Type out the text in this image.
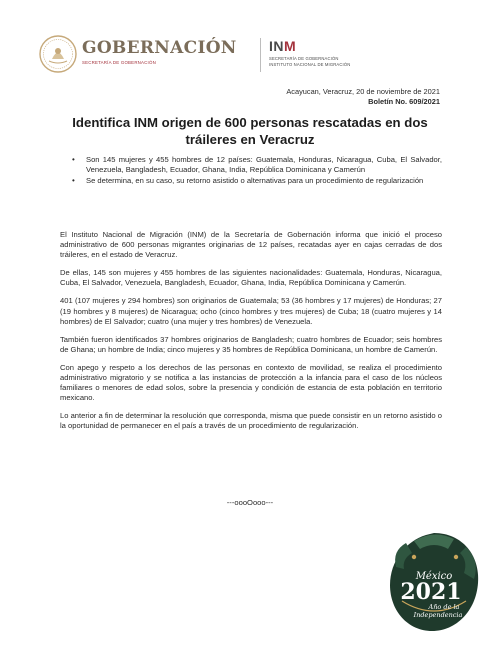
GOBERNACIÓN
SECRETARÍA DE GOBERNACIÓN
INM
SECRETARÍA DE GOBERNACIÓN
INSTITUTO NACIONAL DE MIGRACIÓN
Acayucan, Veracruz, 20 de noviembre de 2021
Boletín No. 609/2021
Identifica INM origen de 600 personas rescatadas en dos tráileres en Veracruz
• Son 145 mujeres y 455 hombres de 12 países: Guatemala, Honduras, Nicaragua, Cuba, El Salvador, Venezuela, Bangladesh, Ecuador, Ghana, India, República Dominicana y Camerún
• Se determina, en su caso, su retorno asistido o alternativas para un procedimiento de regularización

El Instituto Nacional de Migración (INM) de la Secretaría de Gobernación informa que inició el proceso administrativo de 600 personas migrantes originarias de 12 países, recatadas ayer en cajas cerradas de dos tráileres, en el estado de Veracruz.

De ellas, 145 son mujeres y 455 hombres de las siguientes nacionalidades: Guatemala, Honduras, Nicaragua, Cuba, El Salvador, Venezuela, Bangladesh, Ecuador, Ghana, India, República Dominicana y Camerún.

401 (107 mujeres y 294 hombres) son originarios de Guatemala; 53 (36 hombres y 17 mujeres) de Honduras; 27 (19 hombres y 8 mujeres) de Nicaragua; ocho (cinco hombres y tres mujeres) de Cuba; 18 (cuatro mujeres y 14 hombres) de El Salvador; cuatro (una mujer y tres hombres) de Venezuela.

También fueron identificados 37 hombres originarios de Bangladesh; cuatro hombres de Ecuador; seis hombres de Ghana; un hombre de India; cinco mujeres y 35 hombres de República Dominicana, un hombre de Camerún.

Con apego y respeto a los derechos de las personas en contexto de movilidad, se realiza el procedimiento administrativo migratorio y se notifica a las instancias de protección a la infancia para el caso de los núcleos familiares o menores de edad solos, sobre la presencia y condición de estancia de esta población en territorio mexicano.

Lo anterior a fin de determinar la resolución que corresponda, misma que puede consistir en un retorno asistido o la oportunidad de permanecer en el país a través de un procedimiento de regularización.

---oooOooo---
México
2021
Año de la
Independencia
